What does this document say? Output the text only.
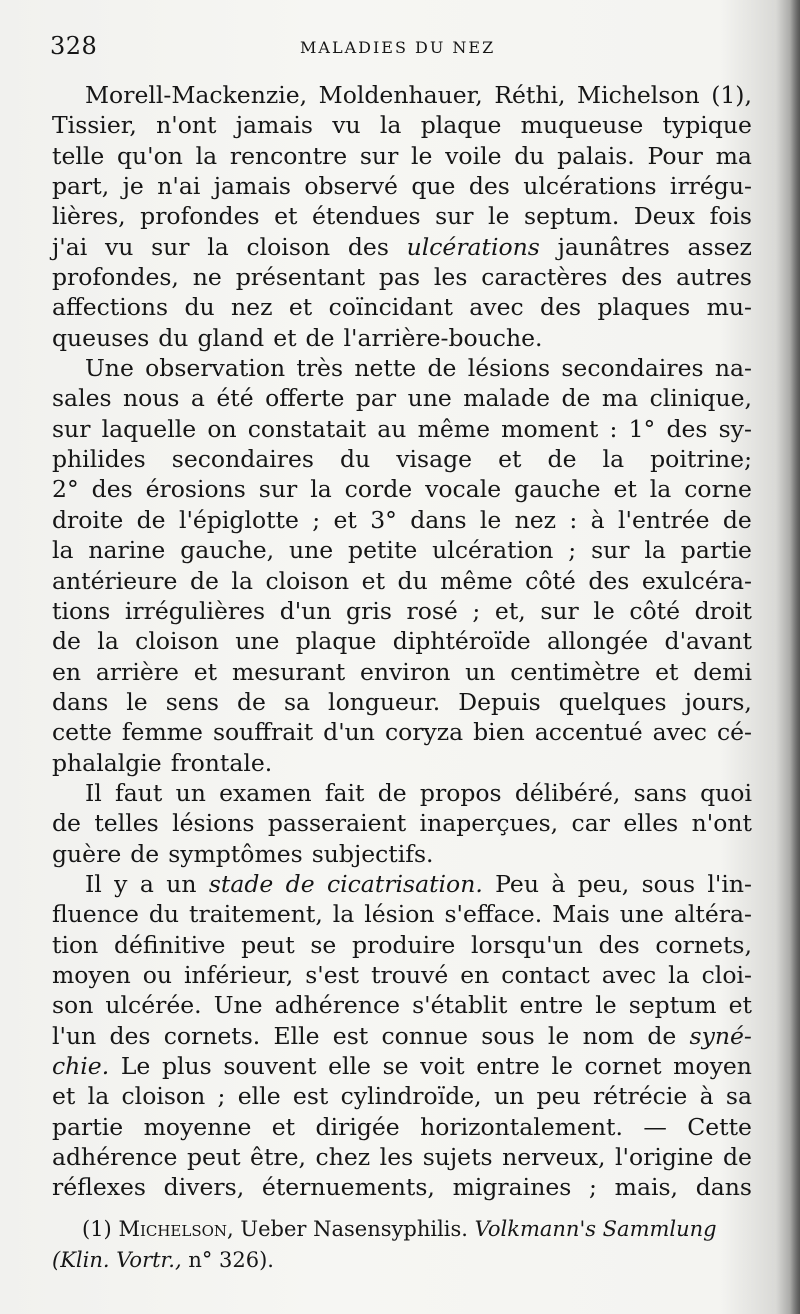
328	MALADIES DU NEZ
Morell-Mackenzie, Moldenhauer, Réthi, Michelson (1),
Tissier, n'ont jamais vu la plaque muqueuse typique
telle qu'on la rencontre sur le voile du palais. Pour ma
part, je n'ai jamais observé que des ulcérations irrégu-
lières, profondes et étendues sur le septum. Deux fois
j'ai vu sur la cloison des ulcérations jaunâtres assez
profondes, ne présentant pas les caractères des autres
affections du nez et coïncidant avec des plaques mu-
queuses du gland et de l'arrière-bouche.
Une observation très nette de lésions secondaires na-
sales nous a été offerte par une malade de ma clinique,
sur laquelle on constatait au même moment : 1° des sy-
philides secondaires du visage et de la poitrine;
2° des érosions sur la corde vocale gauche et la corne
droite de l'épiglotte ; et 3° dans le nez : à l'entrée de
la narine gauche, une petite ulcération ; sur la partie
antérieure de la cloison et du même côté des exulcéra-
tions irrégulières d'un gris rosé ; et, sur le côté droit
de la cloison une plaque diphtéroïde allongée d'avant
en arrière et mesurant environ un centimètre et demi
dans le sens de sa longueur. Depuis quelques jours,
cette femme souffrait d'un coryza bien accentué avec cé-
phalalgie frontale.
Il faut un examen fait de propos délibéré, sans quoi
de telles lésions passeraient inaperçues, car elles n'ont
guère de symptômes subjectifs.
Il y a un stade de cicatrisation. Peu à peu, sous l'in-
fluence du traitement, la lésion s'efface. Mais une altéra-
tion définitive peut se produire lorsqu'un des cornets,
moyen ou inférieur, s'est trouvé en contact avec la cloi-
son ulcérée. Une adhérence s'établit entre le septum et
l'un des cornets. Elle est connue sous le nom de syné-
chie. Le plus souvent elle se voit entre le cornet moyen
et la cloison ; elle est cylindroïde, un peu rétrécie à sa
partie moyenne et dirigée horizontalement. — Cette
adhérence peut être, chez les sujets nerveux, l'origine de
réflexes divers, éternuements, migraines ; mais, dans
(1) Michelson, Ueber Nasensyphilis. Volkmann's Sammlung
(Klin. Vortr., n° 326).
